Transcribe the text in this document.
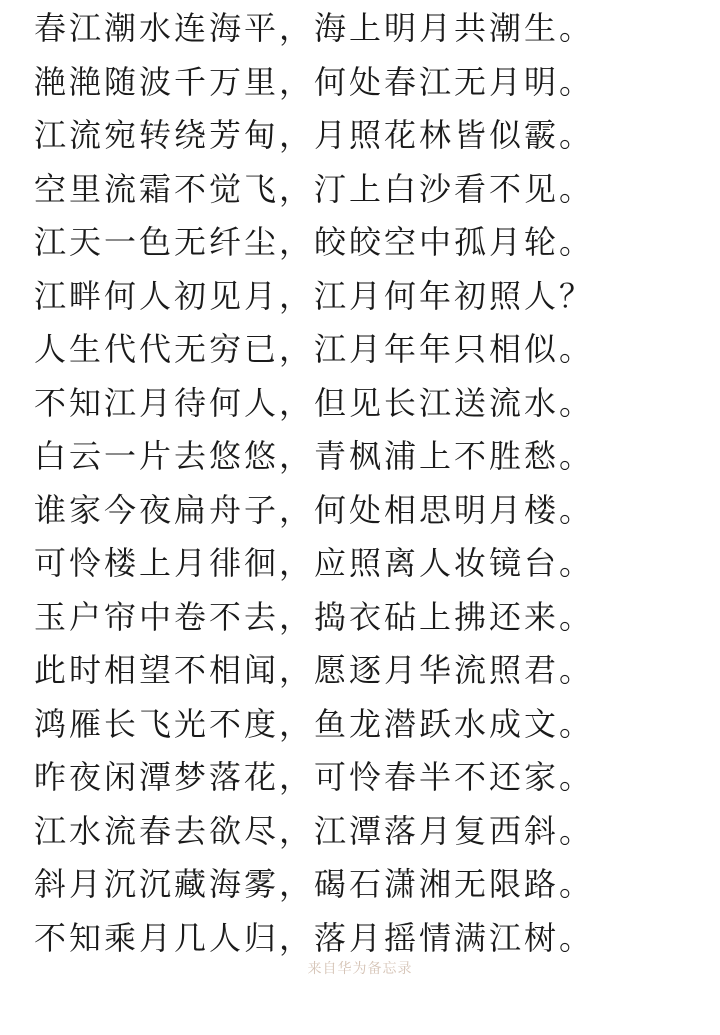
春江潮水连海平，海上明月共潮生。
滟滟随波千万里，何处春江无月明。
江流宛转绕芳甸，月照花林皆似霰。
空里流霜不觉飞，汀上白沙看不见。
江天一色无纤尘，皎皎空中孤月轮。
江畔何人初见月，江月何年初照人？
人生代代无穷已，江月年年只相似。
不知江月待何人，但见长江送流水。
白云一片去悠悠，青枫浦上不胜愁。
谁家今夜扁舟子，何处相思明月楼。
可怜楼上月徘徊，应照离人妆镜台。
玉户帘中卷不去，捣衣砧上拂还来。
此时相望不相闻，愿逐月华流照君。
鸿雁长飞光不度，鱼龙潜跃水成文。
昨夜闲潭梦落花，可怜春半不还家。
江水流春去欲尽，江潭落月复西斜。
斜月沉沉藏海雾，碣石潇湘无限路。
不知乘月几人归，落月摇情满江树。
来自华为备忘录
